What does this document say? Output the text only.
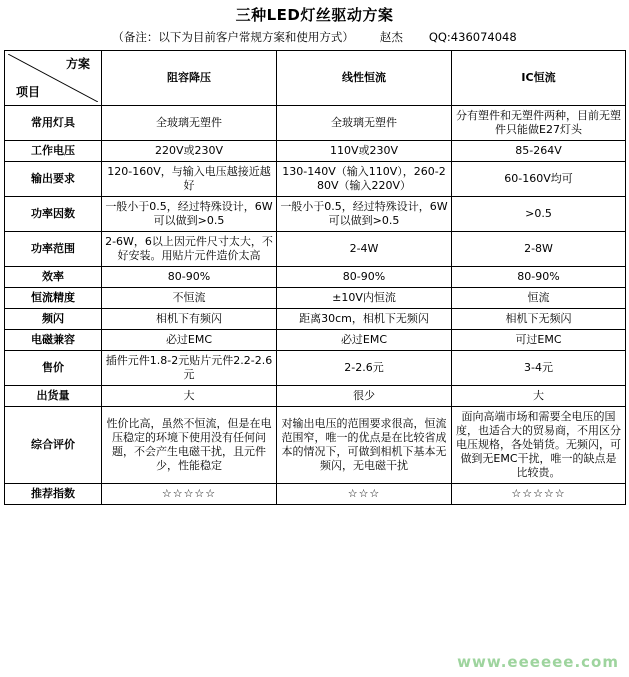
三种LED灯丝驱动方案
（备注：以下为目前客户常规方案和使用方式） 赵杰 QQ:436074048
方案
项目	阻容降压	线性恒流	IC恒流
常用灯具	全玻璃无塑件	全玻璃无塑件	分有塑件和无塑件两种，目前无塑件只能做E27灯头
工作电压	220V或230V	110V或230V	85-264V
输出要求	120-160V，与输入电压越接近越好	130-140V（输入110V），260-280V（输入220V）	60-160V均可
功率因数	一般小于0.5，经过特殊设计，6W可以做到>0.5	一般小于0.5，经过特殊设计，6W可以做到>0.5	>0.5
功率范围	2-6W，6以上因元件尺寸太大，不好安装。用贴片元件造价太高	2-4W	2-8W
效率	80-90%	80-90%	80-90%
恒流精度	不恒流	±10V内恒流	恒流
频闪	相机下有频闪	距离30cm，相机下无频闪	相机下无频闪
电磁兼容	必过EMC	必过EMC	可过EMC
售价	插件元件1.8-2元贴片元件2.2-2.6元	2-2.6元	3-4元
出货量	大	很少	大
综合评价	性价比高，虽然不恒流，但是在电压稳定的环境下使用没有任何问题，不会产生电磁干扰，且元件少，性能稳定	对输出电压的范围要求很高，恒流范围窄，唯一的优点是在比较省成本的情况下，可做到相机下基本无频闪，无电磁干扰	面向高端市场和需要全电压的国度，也适合大的贸易商，不用区分电压规格，各处销货。无频闪，可做到无EMC干扰，唯一的缺点是比较贵。
推荐指数	☆☆☆☆☆	☆☆☆	☆☆☆☆☆
www.eeeeee.com
